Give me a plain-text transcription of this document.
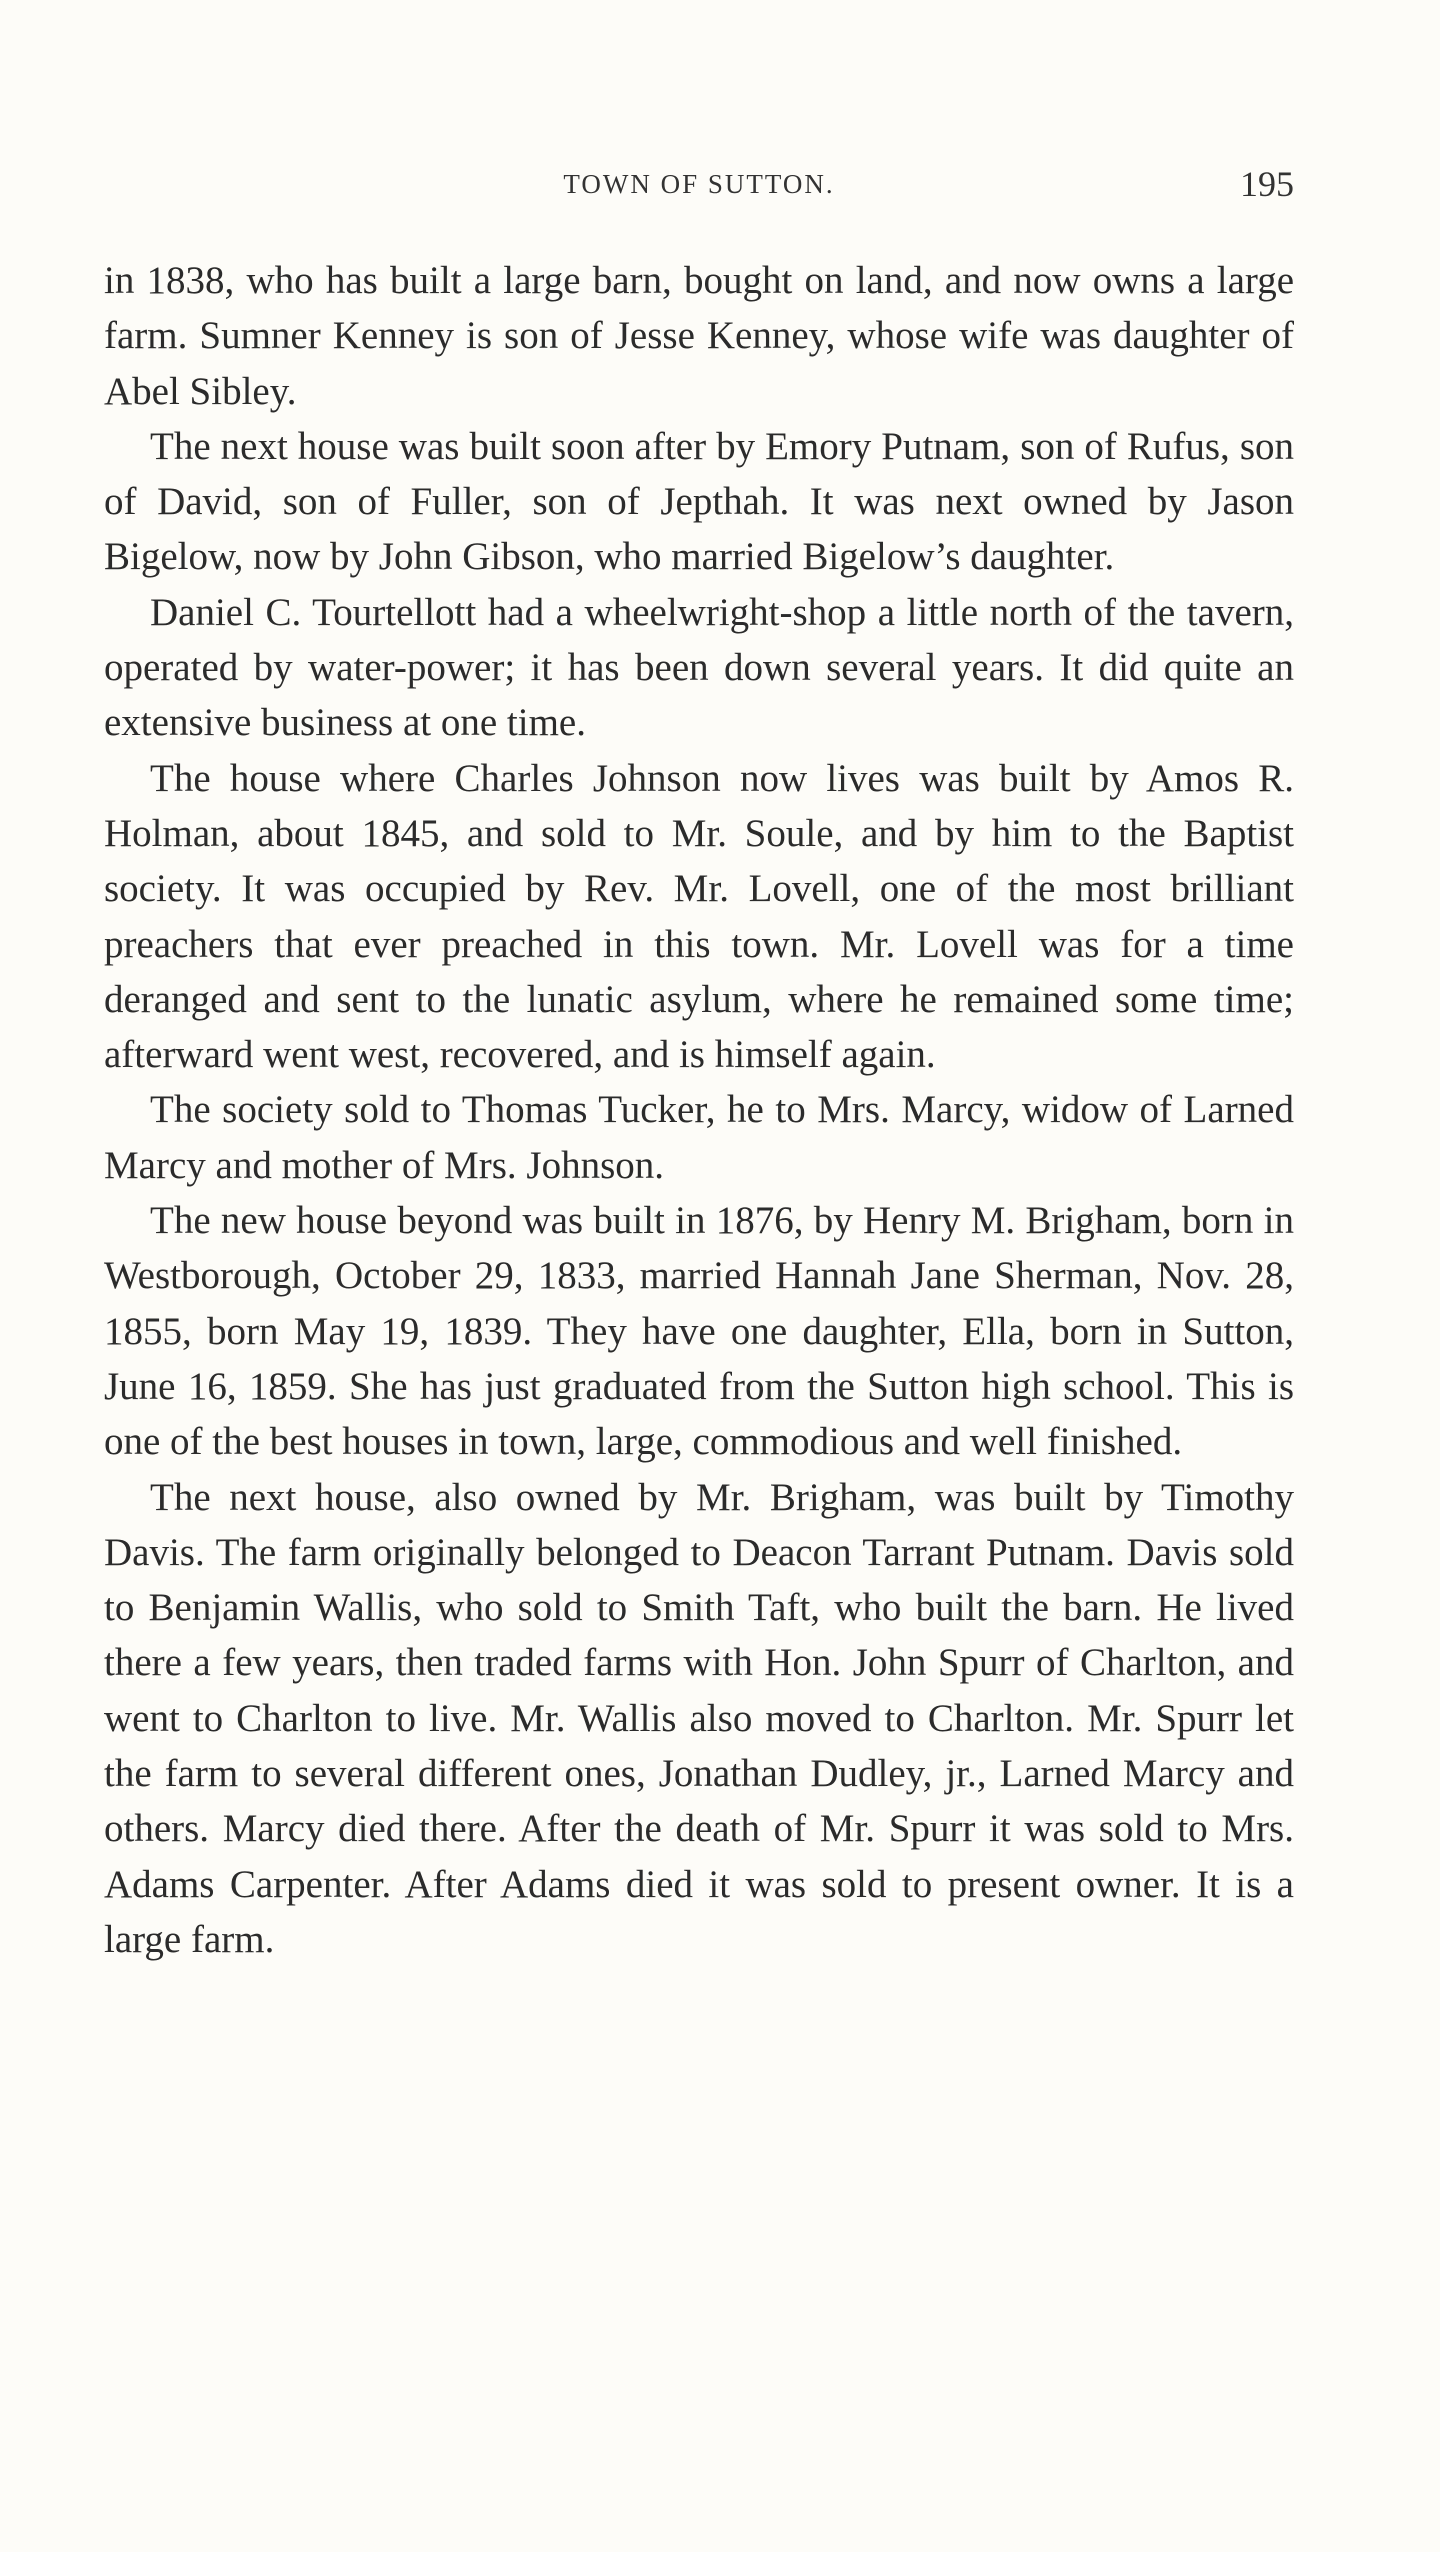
TOWN OF SUTTON.	195

in 1838, who has built a large barn, bought on land, and now owns a large farm. Sumner Kenney is son of Jesse Kenney, whose wife was daughter of Abel Sibley.

The next house was built soon after by Emory Putnam, son of Rufus, son of David, son of Fuller, son of Jepthah. It was next owned by Jason Bigelow, now by John Gibson, who married Bigelow’s daughter.

Daniel C. Tourtellott had a wheelwright-shop a little north of the tavern, operated by water-power; it has been down several years. It did quite an extensive business at one time.

The house where Charles Johnson now lives was built by Amos R. Holman, about 1845, and sold to Mr. Soule, and by him to the Baptist society. It was occupied by Rev. Mr. Lovell, one of the most brilliant preachers that ever preached in this town. Mr. Lovell was for a time deranged and sent to the lunatic asylum, where he remained some time; afterward went west, recovered, and is himself again.

The society sold to Thomas Tucker, he to Mrs. Marcy, widow of Larned Marcy and mother of Mrs. Johnson.

The new house beyond was built in 1876, by Henry M. Brigham, born in Westborough, October 29, 1833, married Hannah Jane Sherman, Nov. 28, 1855, born May 19, 1839. They have one daughter, Ella, born in Sutton, June 16, 1859. She has just graduated from the Sutton high school. This is one of the best houses in town, large, commodious and well finished.

The next house, also owned by Mr. Brigham, was built by Timothy Davis. The farm originally belonged to Deacon Tarrant Putnam. Davis sold to Benjamin Wallis, who sold to Smith Taft, who built the barn. He lived there a few years, then traded farms with Hon. John Spurr of Charlton, and went to Charlton to live. Mr. Wallis also moved to Charlton. Mr. Spurr let the farm to several different ones, Jonathan Dudley, jr., Larned Marcy and others. Marcy died there. After the death of Mr. Spurr it was sold to Mrs. Adams Carpenter. After Adams died it was sold to present owner. It is a large farm.
